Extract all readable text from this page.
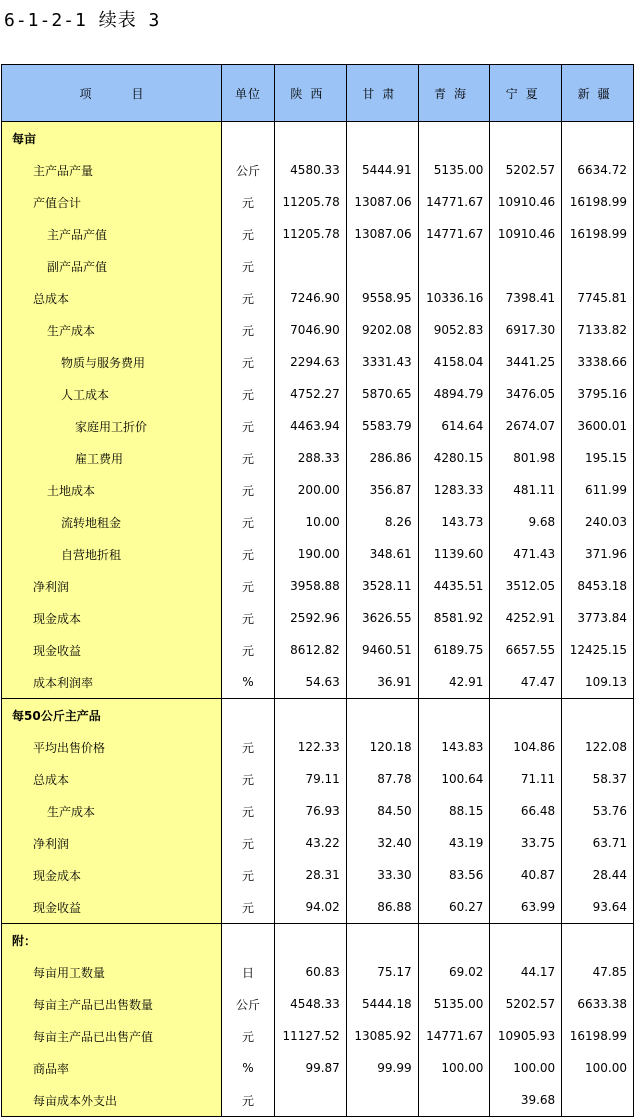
6-1-2-1 续表 3
项 目	单位	陕西	甘肃	青海	宁夏	新疆
每亩						
主产品产量	公斤	4580.33	5444.91	5135.00	5202.57	6634.72
产值合计	元	11205.78	13087.06	14771.67	10910.46	16198.99
主产品产值	元	11205.78	13087.06	14771.67	10910.46	16198.99
副产品产值	元					
总成本	元	7246.90	9558.95	10336.16	7398.41	7745.81
生产成本	元	7046.90	9202.08	9052.83	6917.30	7133.82
物质与服务费用	元	2294.63	3331.43	4158.04	3441.25	3338.66
人工成本	元	4752.27	5870.65	4894.79	3476.05	3795.16
家庭用工折价	元	4463.94	5583.79	614.64	2674.07	3600.01
雇工费用	元	288.33	286.86	4280.15	801.98	195.15
土地成本	元	200.00	356.87	1283.33	481.11	611.99
流转地租金	元	10.00	8.26	143.73	9.68	240.03
自营地折租	元	190.00	348.61	1139.60	471.43	371.96
净利润	元	3958.88	3528.11	4435.51	3512.05	8453.18
现金成本	元	2592.96	3626.55	8581.92	4252.91	3773.84
现金收益	元	8612.82	9460.51	6189.75	6657.55	12425.15
成本利润率	%	54.63	36.91	42.91	47.47	109.13
每50公斤主产品						
平均出售价格	元	122.33	120.18	143.83	104.86	122.08
总成本	元	79.11	87.78	100.64	71.11	58.37
生产成本	元	76.93	84.50	88.15	66.48	53.76
净利润	元	43.22	32.40	43.19	33.75	63.71
现金成本	元	28.31	33.30	83.56	40.87	28.44
现金收益	元	94.02	86.88	60.27	63.99	93.64
附：						
每亩用工数量	日	60.83	75.17	69.02	44.17	47.85
每亩主产品已出售数量	公斤	4548.33	5444.18	5135.00	5202.57	6633.38
每亩主产品已出售产值	元	11127.52	13085.92	14771.67	10905.93	16198.99
商品率	%	99.87	99.99	100.00	100.00	100.00
每亩成本外支出	元				39.68	
